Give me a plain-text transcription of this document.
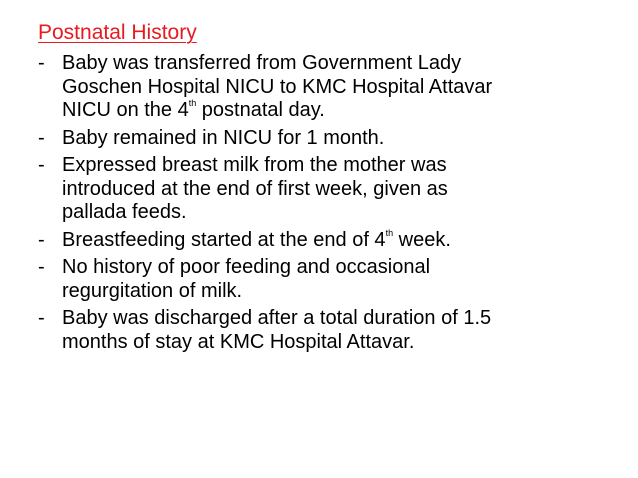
Postnatal History
- Baby was transferred from Government Lady
Goschen Hospital NICU to KMC Hospital Attavar
NICU on the 4th postnatal day.
- Baby remained in NICU for 1 month.
- Expressed breast milk from the mother was
introduced at the end of first week, given as
pallada feeds.
- Breastfeeding started at the end of 4th week.
- No history of poor feeding and occasional
regurgitation of milk.
- Baby was discharged after a total duration of 1.5
months of stay at KMC Hospital Attavar.
